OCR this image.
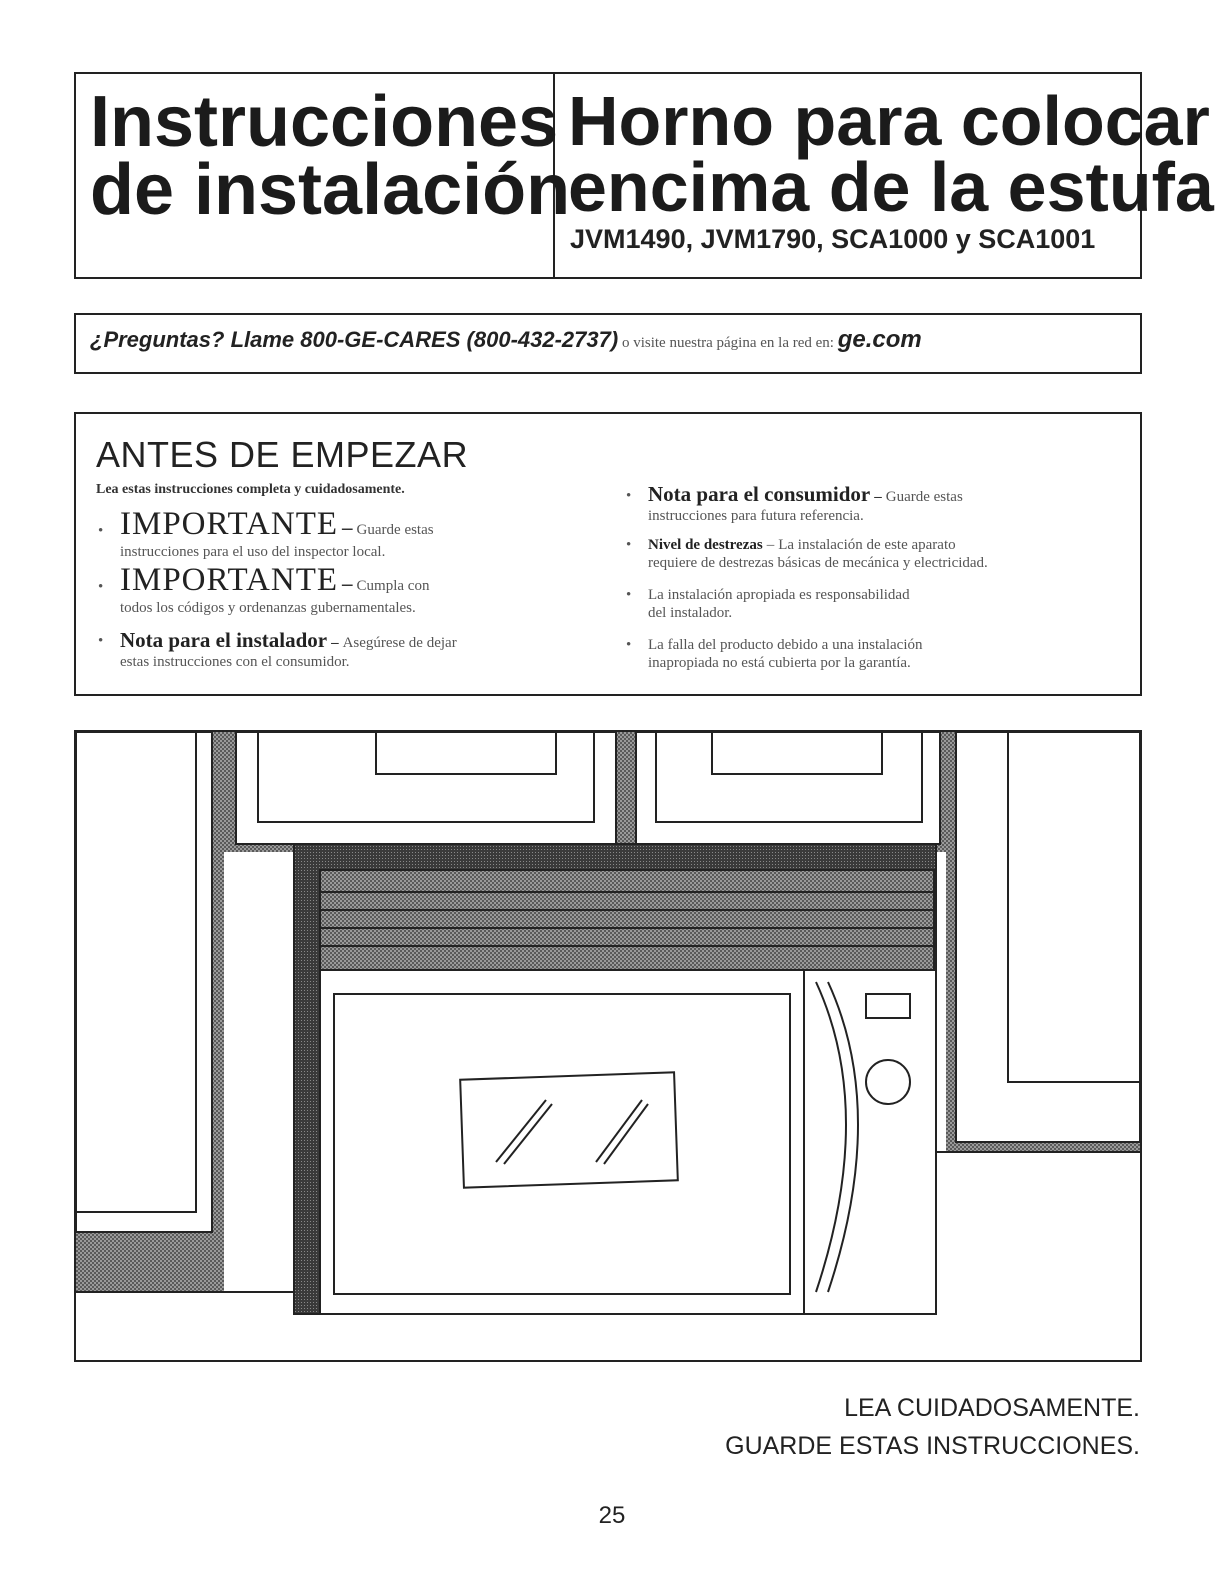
Instrucciones
de instalación
Horno para colocar
encima de la estufa
JVM1490, JVM1790, SCA1000 y SCA1001
¿Preguntas? Llame 800-GE-CARES (800-432-2737) o visite nuestra página en la red en: ge.com
ANTES DE EMPEZAR
Lea estas instrucciones completa y cuidadosamente.
• IMPORTANTE – Guarde estas
instrucciones para el uso del inspector local.
• IMPORTANTE – Cumpla con
todos los códigos y ordenanzas gubernamentales.
• Nota para el instalador – Asegúrese de dejar
estas instrucciones con el consumidor.
• Nota para el consumidor – Guarde estas
instrucciones para futura referencia.
•	Nivel de destrezas – La instalación de este aparato
requiere de destrezas básicas de mecánica y electricidad.
•	La instalación apropiada es responsabilidad
del instalador.
•	La falla del producto debido a una instalación
inapropiada no está cubierta por la garantía.
LEA CUIDADOSAMENTE.
GUARDE ESTAS INSTRUCCIONES.
25
